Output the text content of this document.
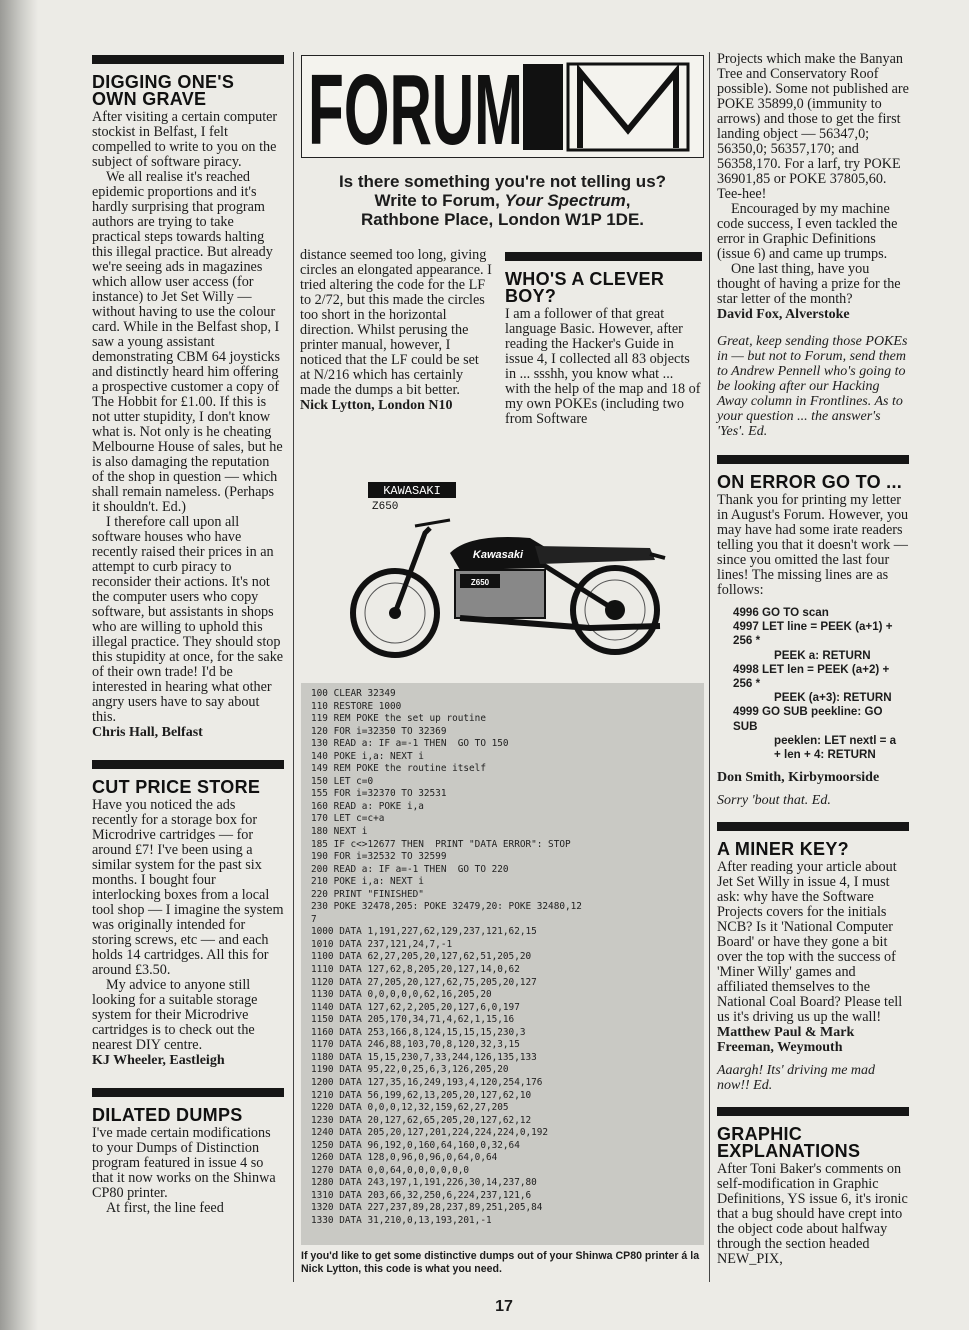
DIGGING ONE'S OWN GRAVE

After visiting a certain computer stockist in Belfast, I felt compelled to write to you on the subject of software piracy.

We all realise it's reached epidemic proportions and it's hardly surprising that program authors are trying to take practical steps towards halting this illegal practice. But already we're seeing ads in magazines which allow user access (for instance) to Jet Set Willy — without having to use the colour card. While in the Belfast shop, I saw a young assistant demonstrating CBM 64 joysticks and distinctly heard him offering a prospective customer a copy of The Hobbit for £1.00. If this is not utter stupidity, I don't know what is. Not only is he cheating Melbourne House of sales, but he is also damaging the reputation of the shop in question — which shall remain nameless. (Perhaps it shouldn't. Ed.)

I therefore call upon all software houses who have recently raised their prices in an attempt to curb piracy to reconsider their actions. It's not the computer users who copy software, but assistants in shops who are willing to uphold this illegal practice. They should stop this stupidity at once, for the sake of their own trade! I'd be interested in hearing what other angry users have to say about this.

Chris Hall, Belfast
CUT PRICE STORE

Have you noticed the ads recently for a storage box for Microdrive cartridges — for around £7! I've been using a similar system for the past six months. I bought four interlocking boxes from a local tool shop — I imagine the system was originally intended for storing screws, etc — and each holds 14 cartridges. All this for around £3.50.

My advice to anyone still looking for a suitable storage system for their Microdrive cartridges is to check out the nearest DIY centre.

KJ Wheeler, Eastleigh
DILATED DUMPS

I've made certain modifications to your Dumps of Distinction program featured in issue 4 so that it now works on the Shinwa CP80 printer.

At first, the line feed

FORUM
Is there something you're not telling us?
Write to Forum, Your Spectrum,
Rathbone Place, London W1P 1DE.

distance seemed too long, giving circles an elongated appearance. I tried altering the code for the LF to 2/72, but this made the circles too short in the horizontal direction. Whilst perusing the printer manual, however, I noticed that the LF could be set at N/216 which has certainly made the dumps a bit better.

Nick Lytton, London N10
WHO'S A CLEVER BOY?

I am a follower of that great language Basic. However, after reading the Hacker's Guide in issue 4, I collected all 83 objects in ... ssshh, you know what ... with the help of the map and 18 of my own POKEs (including two from Software

KAWASAKI
Z650
Kawasaki
Z650
100 CLEAR 32349
110 RESTORE 1000
119 REM POKE the set up routine
120 FOR i=32350 TO 32369
130 READ a: IF a=-1 THEN  GO TO 150
140 POKE i,a: NEXT i
149 REM POKE the routine itself
150 LET c=0
155 FOR i=32370 TO 32531
160 READ a: POKE i,a
170 LET c=c+a
180 NEXT i
185 IF c<>12677 THEN  PRINT "DATA ERROR": STOP
190 FOR i=32532 TO 32599
200 READ a: IF a=-1 THEN  GO TO 220
210 POKE i,a: NEXT i
220 PRINT "FINISHED"
230 POKE 32478,205: POKE 32479,20: POKE 32480,12
7
1000 DATA 1,191,227,62,129,237,121,62,15
1010 DATA 237,121,24,7,-1
1100 DATA 62,27,205,20,127,62,51,205,20
1110 DATA 127,62,8,205,20,127,14,0,62
1120 DATA 27,205,20,127,62,75,205,20,127
1130 DATA 0,0,0,0,0,62,16,205,20
1140 DATA 127,62,2,205,20,127,6,0,197
1150 DATA 205,170,34,71,4,62,1,15,16
1160 DATA 253,166,8,124,15,15,15,230,3
1170 DATA 246,88,103,70,8,120,32,3,15
1180 DATA 15,15,230,7,33,244,126,135,133
1190 DATA 95,22,0,25,6,3,126,205,20
1200 DATA 127,35,16,249,193,4,120,254,176
1210 DATA 56,199,62,13,205,20,127,62,10
1220 DATA 0,0,0,12,32,159,62,27,205
1230 DATA 20,127,62,65,205,20,127,62,12
1240 DATA 205,20,127,201,224,224,224,0,192
1250 DATA 96,192,0,160,64,160,0,32,64
1260 DATA 128,0,96,0,96,0,64,0,64
1270 DATA 0,0,64,0,0,0,0,0,0
1280 DATA 243,197,1,191,226,30,14,237,80
1310 DATA 203,66,32,250,6,224,237,121,6
1320 DATA 227,237,89,28,237,89,251,205,84
1330 DATA 31,210,0,13,193,201,-1
If you'd like to get some distinctive dumps out of your Shinwa CP80 printer á la Nick Lytton, this code is what you need.

Projects which make the Banyan Tree and Conservatory Roof possible). Some not published are POKE 35899,0 (immunity to arrows) and those to get the first landing object — 56347,0; 56350,0; 56357,170; and 56358,170. For a larf, try POKE 36901,85 or POKE 37805,60. Tee-hee!

Encouraged by my machine code success, I even tackled the error in Graphic Definitions (issue 6) and came up trumps.

One last thing, have you thought of having a prize for the star letter of the month?

David Fox, Alverstoke

Great, keep sending those POKEs in — but not to Forum, send them to Andrew Pennell who's going to be looking after our Hacking Away column in Frontlines. As to your question ... the answer's 'Yes'. Ed.

ON ERROR GO TO ...

Thank you for printing my letter in August's Forum. However, you may have had some irate readers telling you that it doesn't work — since you omitted the last four lines! The missing lines are as follows:

4996 GO TO scan
4997 LET line = PEEK (a+1) + 256 *
PEEK a: RETURN
4998 LET len = PEEK (a+2) + 256 *
PEEK (a+3): RETURN
4999 GO SUB peekline: GO SUB
peeklen: LET nextl = a
+ len + 4: RETURN
Don Smith, Kirbymoorside

Sorry 'bout that. Ed.

A MINER KEY?

After reading your article about Jet Set Willy in issue 4, I must ask: why have the Software Projects covers for the initials NCB? Is it 'National Computer Board' or have they gone a bit over the top with the success of 'Miner Willy' games and affiliated themselves to the National Coal Board? Please tell us it's driving us up the wall!

Matthew Paul & Mark Freeman, Weymouth

Aaargh! Its' driving me mad now!! Ed.

GRAPHIC EXPLANATIONS

After Toni Baker's comments on self-modification in Graphic Definitions, YS issue 6, it's ironic that a bug should have crept into the object code about halfway through the section headed NEW_PIX,

17
